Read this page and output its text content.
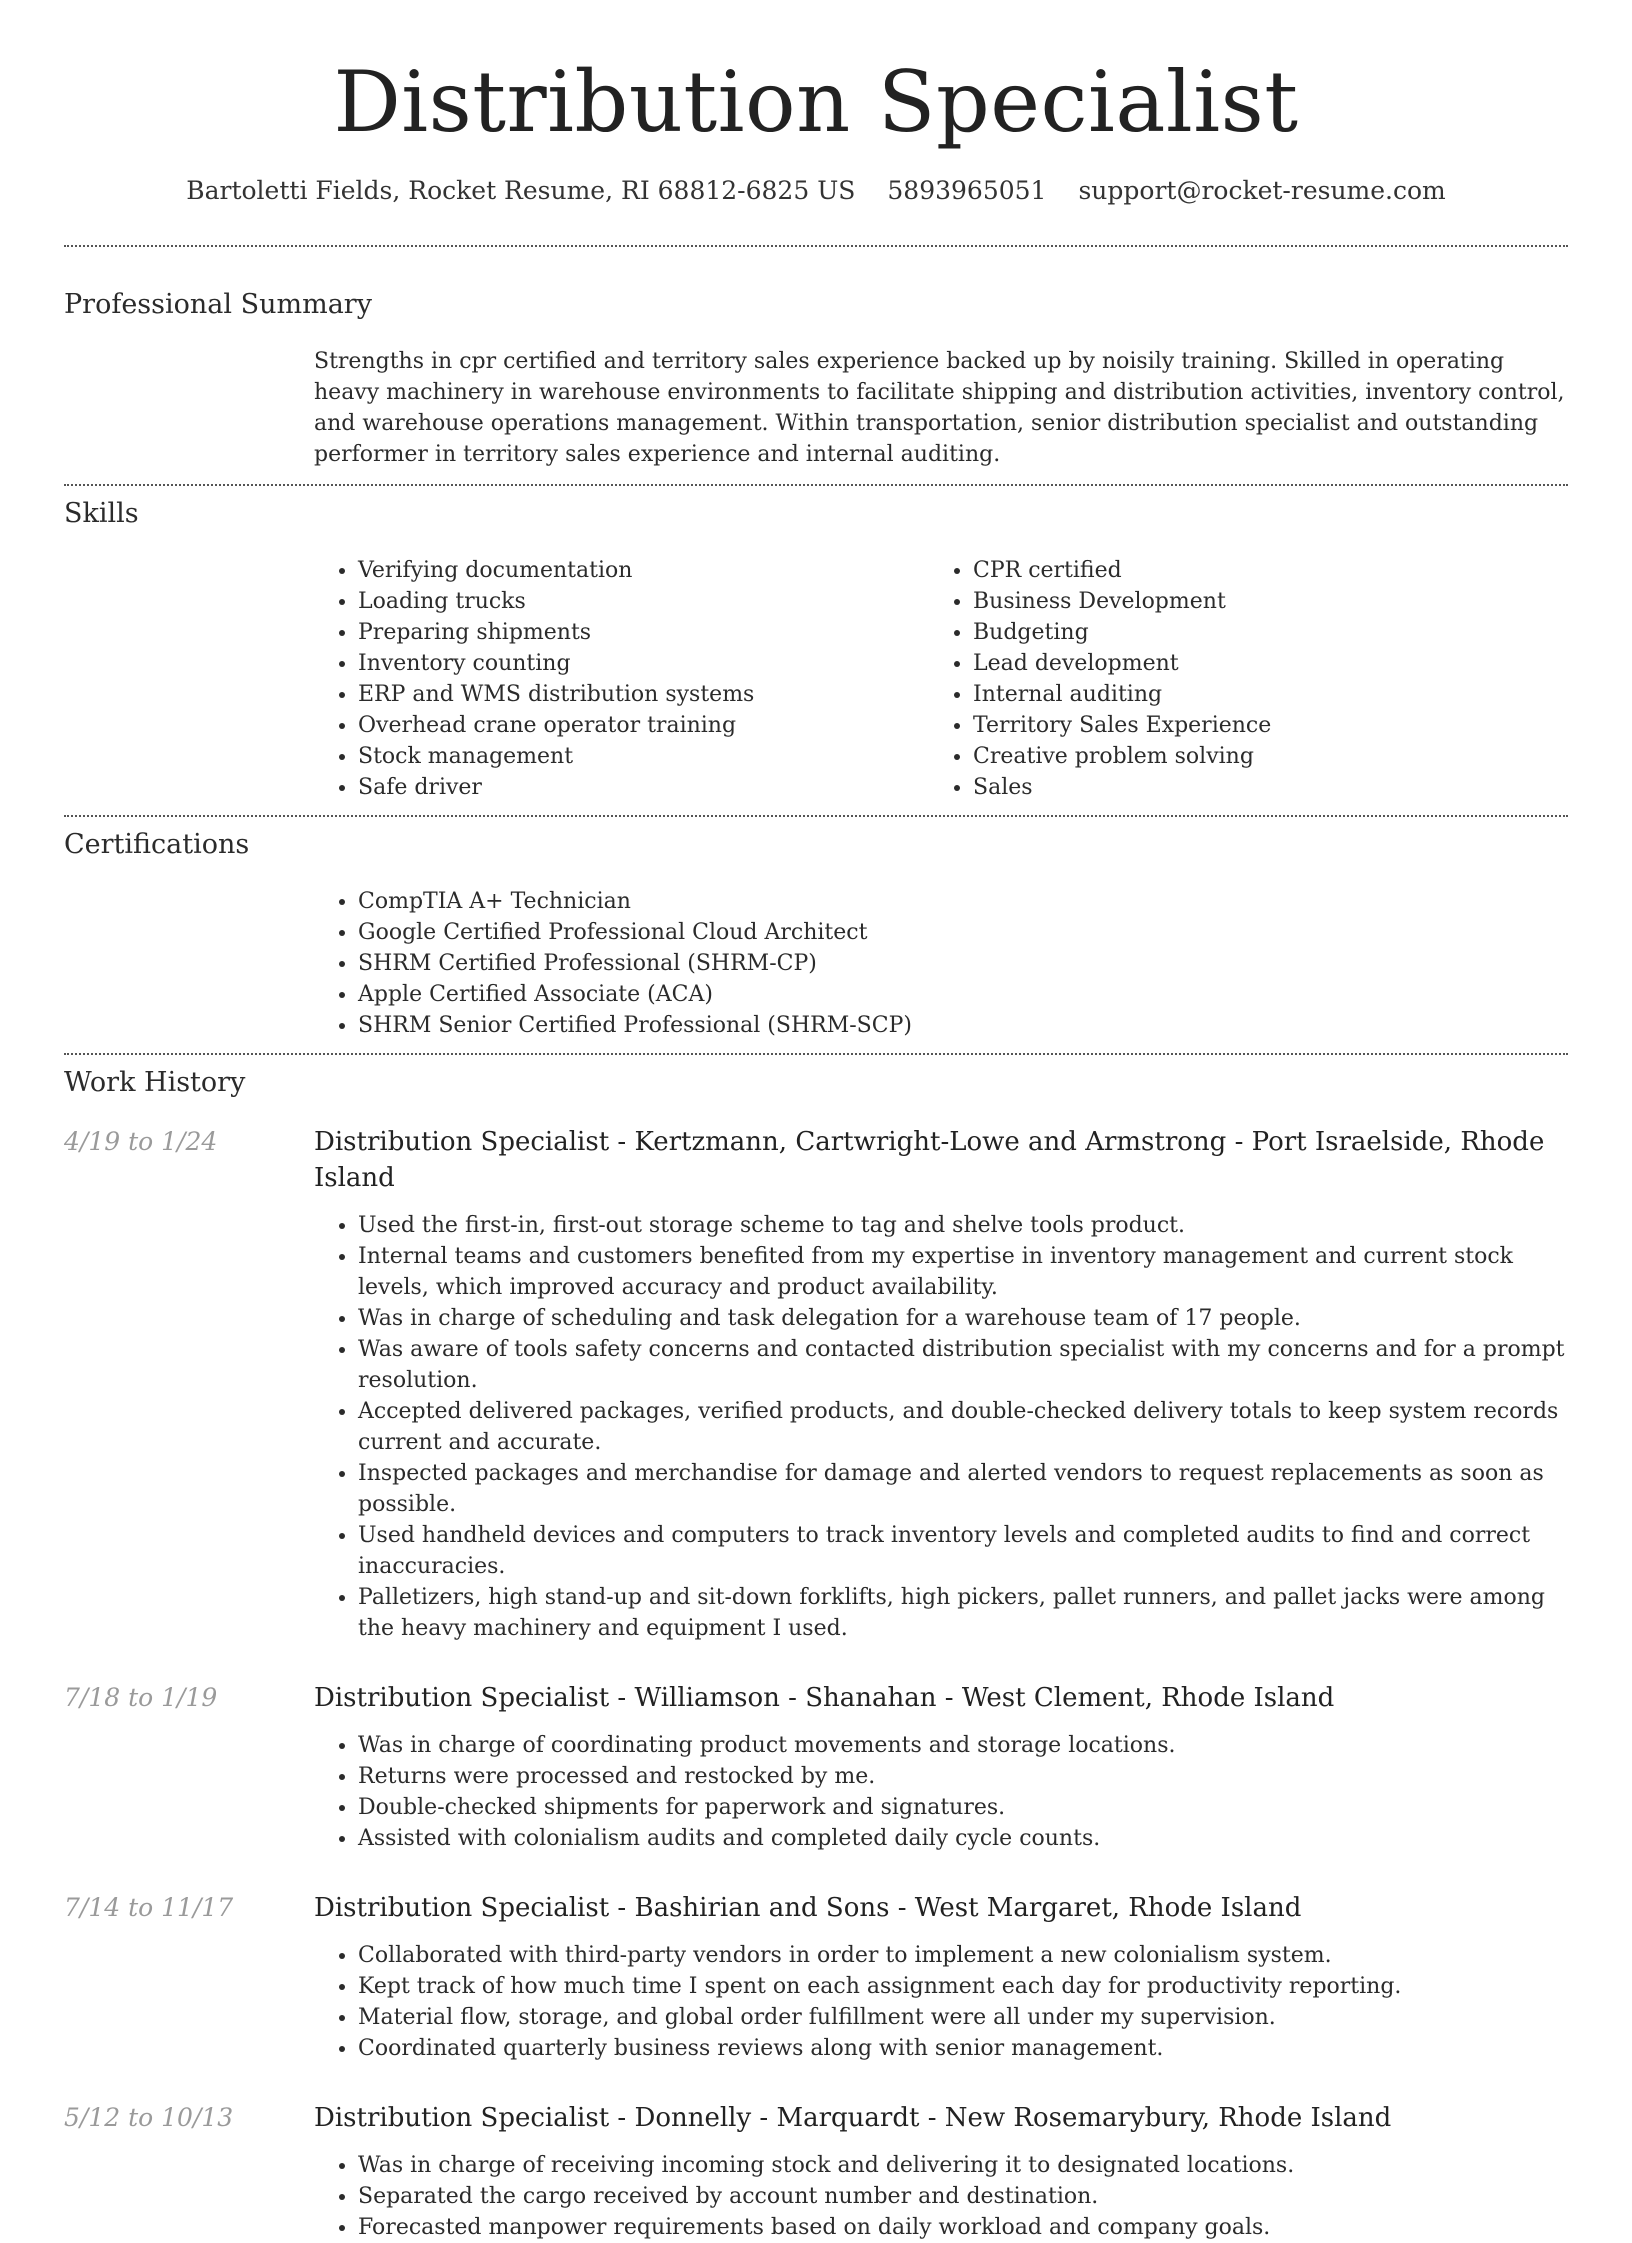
Distribution Specialist
Bartoletti Fields, Rocket Resume, RI 68812-6825 US 5893965051 support@rocket-resume.com
Professional Summary

Strengths in cpr certified and territory sales experience backed up by noisily training. Skilled in operating heavy machinery in warehouse environments to facilitate shipping and distribution activities, inventory control, and warehouse operations management. Within transportation, senior distribution specialist and outstanding performer in territory sales experience and internal auditing.

Skills
• Verifying documentation
• Loading trucks
• Preparing shipments
• Inventory counting
• ERP and WMS distribution systems
• Overhead crane operator training
• Stock management
• Safe driver
• CPR certified
• Business Development
• Budgeting
• Lead development
• Internal auditing
• Territory Sales Experience
• Creative problem solving
• Sales
Certifications
• CompTIA A+ Technician
• Google Certified Professional Cloud Architect
• SHRM Certified Professional (SHRM-CP)
• Apple Certified Associate (ACA)
• SHRM Senior Certified Professional (SHRM-SCP)
Work History
4/19 to 1/24	Distribution Specialist - Kertzmann, Cartwright-Lowe and Armstrong - Port Israelside, Rhode Island
• Used the first-in, first-out storage scheme to tag and shelve tools product.
• Internal teams and customers benefited from my expertise in inventory management and current stock levels, which improved accuracy and product availability.
• Was in charge of scheduling and task delegation for a warehouse team of 17 people.
• Was aware of tools safety concerns and contacted distribution specialist with my concerns and for a prompt resolution.
• Accepted delivered packages, verified products, and double-checked delivery totals to keep system records current and accurate.
• Inspected packages and merchandise for damage and alerted vendors to request replacements as soon as possible.
• Used handheld devices and computers to track inventory levels and completed audits to find and correct inaccuracies.
• Palletizers, high stand-up and sit-down forklifts, high pickers, pallet runners, and pallet jacks were among the heavy machinery and equipment I used.
7/18 to 1/19	Distribution Specialist - Williamson - Shanahan - West Clement, Rhode Island
• Was in charge of coordinating product movements and storage locations.
• Returns were processed and restocked by me.
• Double-checked shipments for paperwork and signatures.
• Assisted with colonialism audits and completed daily cycle counts.
7/14 to 11/17	Distribution Specialist - Bashirian and Sons - West Margaret, Rhode Island
• Collaborated with third-party vendors in order to implement a new colonialism system.
• Kept track of how much time I spent on each assignment each day for productivity reporting.
• Material flow, storage, and global order fulfillment were all under my supervision.
• Coordinated quarterly business reviews along with senior management.
5/12 to 10/13	Distribution Specialist - Donnelly - Marquardt - New Rosemarybury, Rhode Island
• Was in charge of receiving incoming stock and delivering it to designated locations.
• Separated the cargo received by account number and destination.
• Forecasted manpower requirements based on daily workload and company goals.
